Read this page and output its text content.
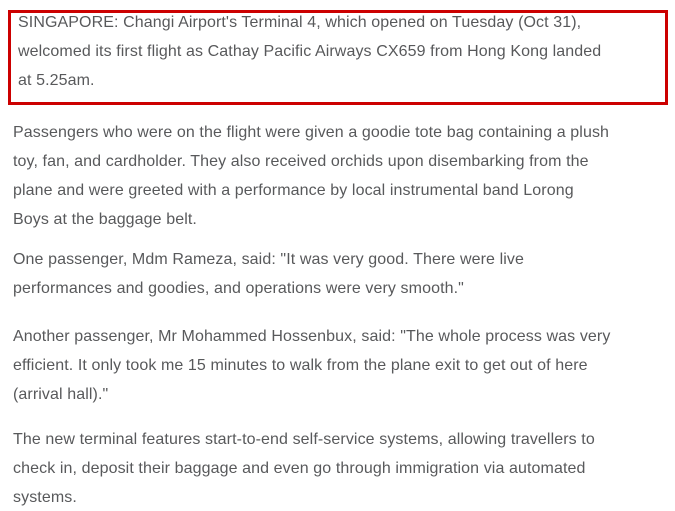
SINGAPORE: Changi Airport's Terminal 4, which opened on Tuesday (Oct 31),
welcomed its first flight as Cathay Pacific Airways CX659 from Hong Kong landed
at 5.25am.

Passengers who were on the flight were given a goodie tote bag containing a plush
toy, fan, and cardholder. They also received orchids upon disembarking from the
plane and were greeted with a performance by local instrumental band Lorong
Boys at the baggage belt.

One passenger, Mdm Rameza, said: "It was very good. There were live
performances and goodies, and operations were very smooth."

Another passenger, Mr Mohammed Hossenbux, said: "The whole process was very
efficient. It only took me 15 minutes to walk from the plane exit to get out of here
(arrival hall)."

The new terminal features start-to-end self-service systems, allowing travellers to
check in, deposit their baggage and even go through immigration via automated
systems.
